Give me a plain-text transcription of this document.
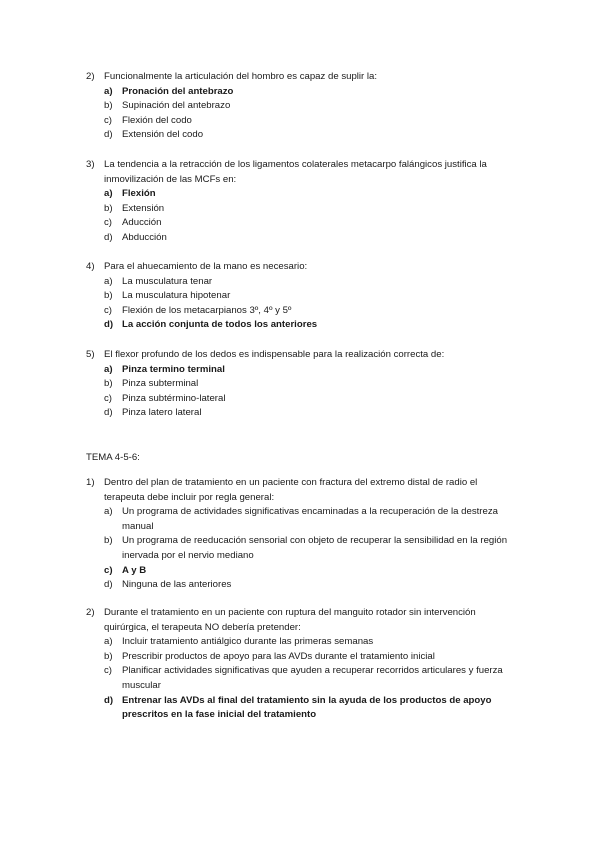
2) Funcionalmente la articulación del hombro es capaz de suplir la:
a) Pronación del antebrazo
b) Supinación del antebrazo
c) Flexión del codo
d) Extensión del codo
3) La tendencia a la retracción de los ligamentos colaterales metacarpo falángicos justifica la inmovilización de las MCFs en:
a) Flexión
b) Extensión
c) Aducción
d) Abducción
4) Para el ahuecamiento de la mano es necesario:
a) La musculatura tenar
b) La musculatura hipotenar
c) Flexión de los metacarpianos 3º, 4º y 5º
d) La acción conjunta de todos los anteriores
5) El flexor profundo de los dedos es indispensable para la realización correcta de:
a) Pinza termino terminal
b) Pinza subterminal
c) Pinza subtérmino-lateral
d) Pinza latero lateral
TEMA 4-5-6:
1) Dentro del plan de tratamiento en un paciente con fractura del extremo distal de radio el terapeuta debe incluir por regla general:
a) Un programa de actividades significativas encaminadas a la recuperación de la destreza manual
b) Un programa de reeducación sensorial con objeto de recuperar la sensibilidad en la región inervada por el nervio mediano
c) A y B
d) Ninguna de las anteriores
2) Durante el tratamiento en un paciente con ruptura del manguito rotador sin intervención quirúrgica, el terapeuta NO debería pretender:
a) Incluir tratamiento antiálgico durante las primeras semanas
b) Prescribir productos de apoyo para las AVDs durante el tratamiento inicial
c) Planificar actividades significativas que ayuden a recuperar recorridos articulares y fuerza muscular
d) Entrenar las AVDs al final del tratamiento sin la ayuda de los productos de apoyo prescritos en la fase inicial del tratamiento
